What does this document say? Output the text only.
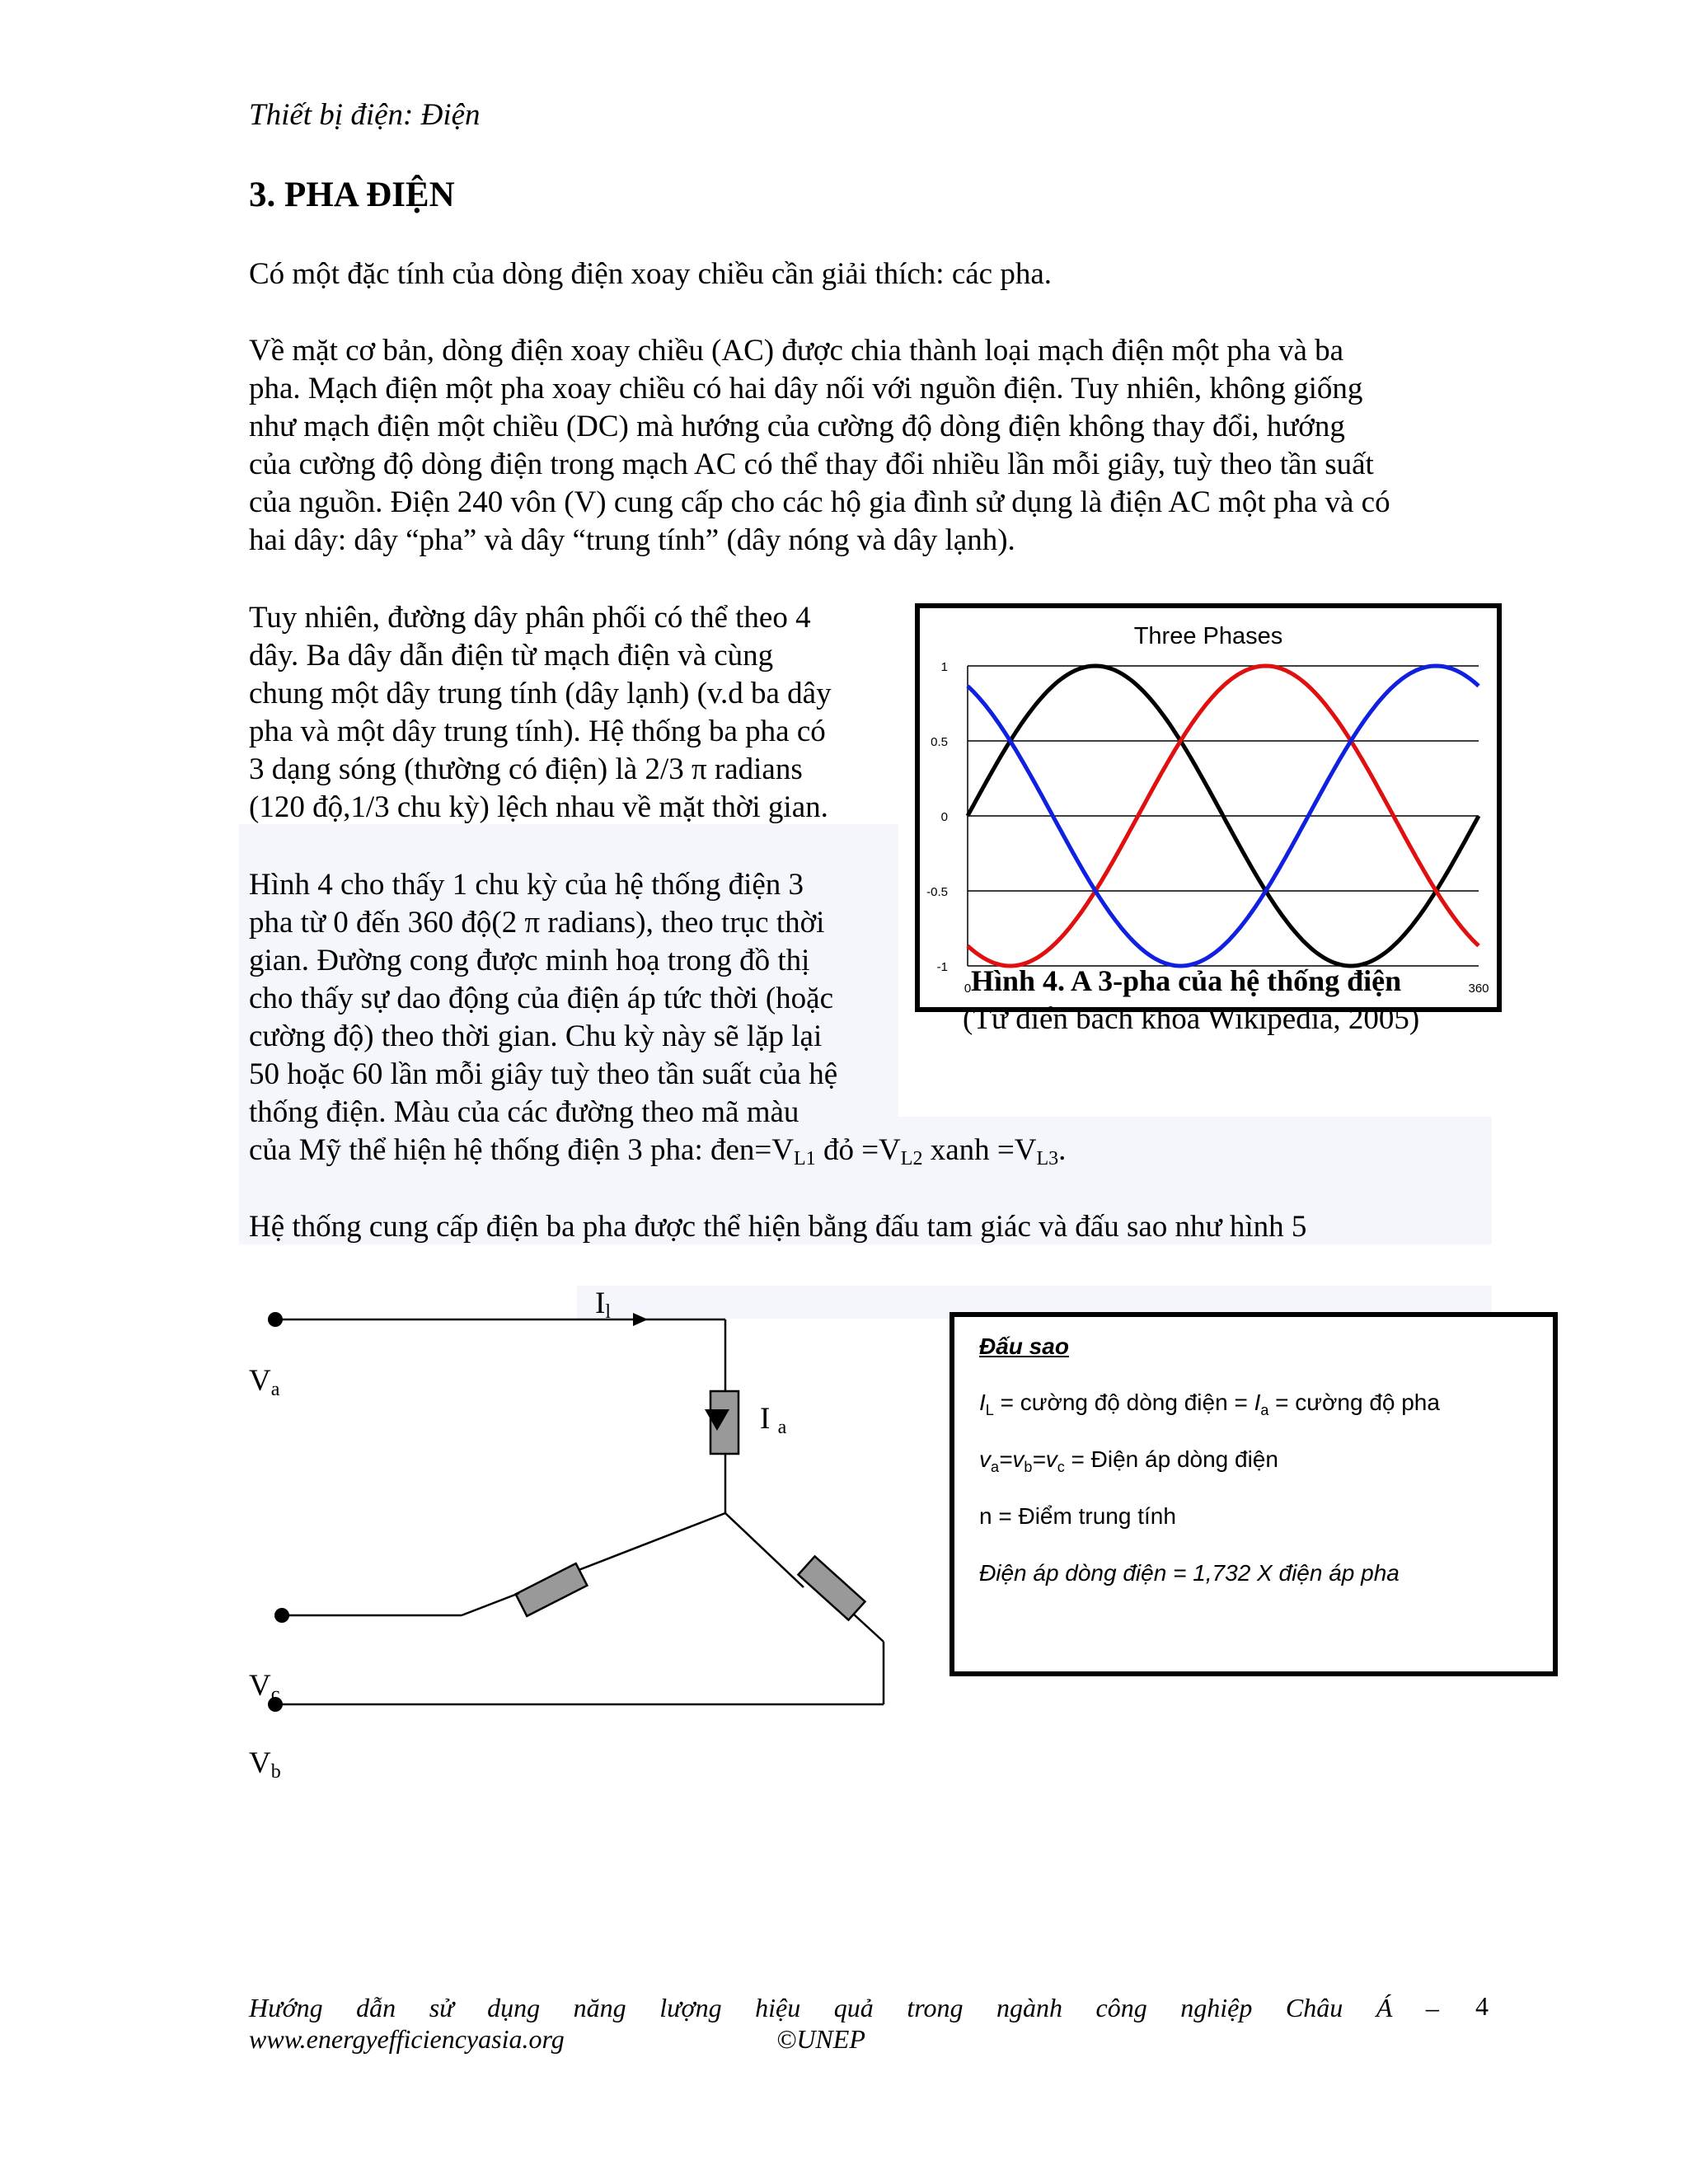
Thiết bị điện: Điện
3. PHA ĐIỆN
Có một đặc tính của dòng điện xoay chiều cần giải thích: các pha.
Về mặt cơ bản, dòng điện xoay chiều (AC) được chia thành loại mạch điện một pha và ba
pha. Mạch điện một pha xoay chiều có hai dây nối với nguồn điện. Tuy nhiên, không giống
như mạch điện một chiều (DC) mà hướng của cường độ dòng điện không thay đổi, hướng
của cường độ dòng điện trong mạch AC có thể thay đổi nhiều lần mỗi giây, tuỳ theo tần suất
của nguồn. Điện 240 vôn (V) cung cấp cho các hộ gia đình sử dụng là điện AC một pha và có
hai dây: dây “pha” và dây “trung tính” (dây nóng và dây lạnh).
Tuy nhiên, đường dây phân phối có thể theo 4
dây. Ba dây dẫn điện từ mạch điện và cùng
chung một dây trung tính (dây lạnh) (v.d ba dây
pha và một dây trung tính). Hệ thống ba pha có
3 dạng sóng (thường có điện) là 2/3 π radians
(120 độ,1/3 chu kỳ) lệch nhau về mặt thời gian.
Hình 4 cho thấy 1 chu kỳ của hệ thống điện 3
pha từ 0 đến 360 độ(2 π radians), theo trục thời
gian. Đường cong được minh hoạ trong đồ thị
cho thấy sự dao động của điện áp tức thời (hoặc
cường độ) theo thời gian. Chu kỳ này sẽ lặp lại
50 hoặc 60 lần mỗi giây tuỳ theo tần suất của hệ
thống điện. Màu của các đường theo mã màu
của Mỹ thể hiện hệ thống điện 3 pha: $đen=V_{L1}$ đỏ $=V_{L2}$ xanh $=V_{L3}$.
Hệ thống cung cấp điện ba pha được thể hiện bằng đấu tam giác và đấu sao như hình 5
Three Phases
1
0.5
0
-0.5
-1
0	360
Hình 4. A 3-pha của hệ thống điện
(Từ điển bách khoa Wikipedia, 2005)
$I_l$
I $_a$
$V_a$
$V_c$
$V_b$
Đấu sao
$I_L$ = cường độ dòng điện = $I_a$ = cường độ pha
$v_a=v_b=v_c$ = Điện áp dòng điện
n = Điểm trung tính
Điện áp dòng điện = 1,732 X điện áp pha
Hướng dẫn sử dụng năng lượng hiệu quả trong ngành công nghiệp Châu Á – 4
www.energyefficiencyasia.org	©UNEP
